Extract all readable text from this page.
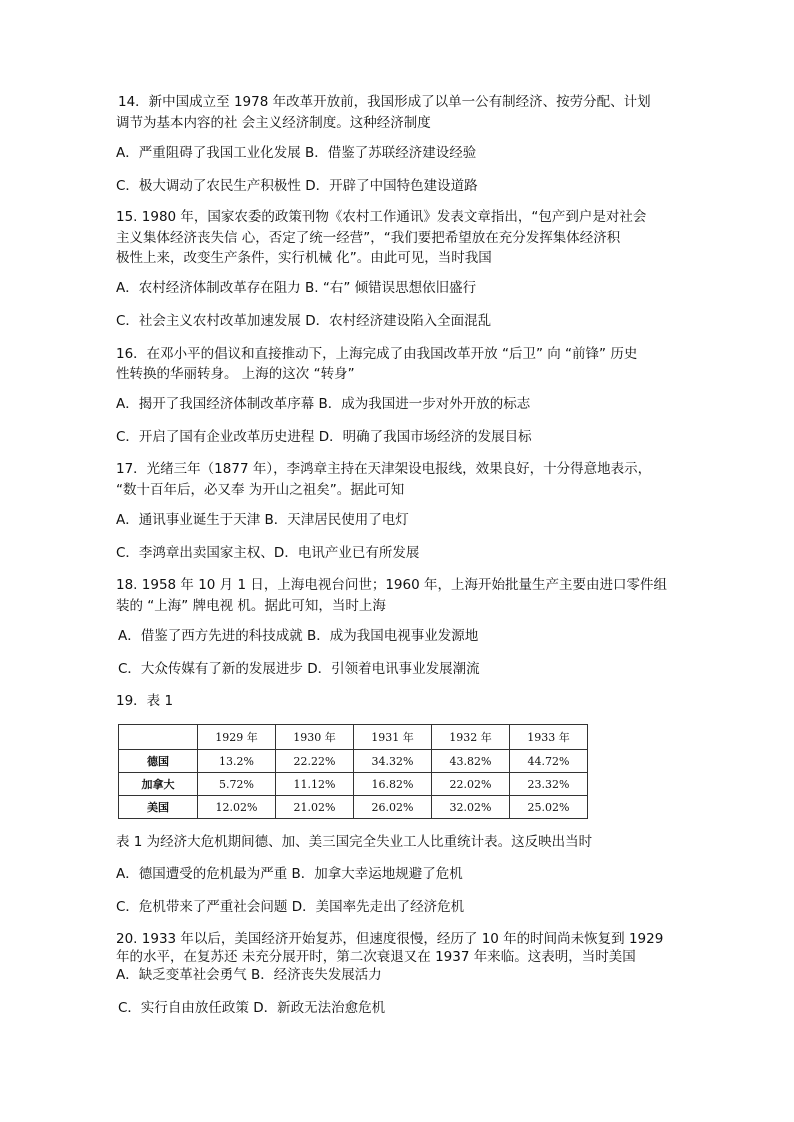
14．新中国成立至 1978 年改革开放前，我国形成了以单一公有制经济、按劳分配、计划
调节为基本内容的社 会主义经济制度。这种经济制度
A．严重阻碍了我国工业化发展 B．借鉴了苏联经济建设经验
C．极大调动了农民生产积极性 D．开辟了中国特色建设道路
15. 1980 年，国家农委的政策刊物《农村工作通讯》发表文章指出，“包产到户是对社会
主义集体经济丧失信 心，否定了统一经营”，“我们要把希望放在充分发挥集体经济积
极性上来，改变生产条件，实行机械 化”。由此可见，当时我国
A．农村经济体制改革存在阻力 B. “右” 倾错误思想依旧盛行
C．社会主义农村改革加速发展 D．农村经济建设陷入全面混乱
16．在邓小平的倡议和直接推动下，上海完成了由我国改革开放 “后卫” 向 “前锋” 历史
性转换的华丽转身。 上海的这次 “转身”
A．揭开了我国经济体制改革序幕 B．成为我国进一步对外开放的标志
C．开启了国有企业改革历史进程 D．明确了我国市场经济的发展目标
17．光绪三年（1877 年），李鸿章主持在天津架设电报线，效果良好，十分得意地表示，
“数十百年后，必又奉 为开山之祖矣”。据此可知
A．通讯事业诞生于天津 B．天津居民使用了电灯
C．李鸿章出卖国家主权、D．电讯产业已有所发展
18. 1958 年 10 月 1 日，上海电视台问世；1960 年，上海开始批量生产主要由进口零件组
装的 “上海” 牌电视 机。据此可知，当时上海
A．借鉴了西方先进的科技成就 B．成为我国电视事业发源地
C．大众传媒有了新的发展进步 D．引领着电讯事业发展潮流
19．表 1
	1929 年	1930 年	1931 年	1932 年	1933 年
德国	13.2%	22.22%	34.32%	43.82%	44.72%
加拿大	5.72%	11.12%	16.82%	22.02%	23.32%
美国	12.02%	21.02%	26.02%	32.02%	25.02%
表 1 为经济大危机期间德、加、美三国完全失业工人比重统计表。这反映出当时
A．德国遭受的危机最为严重 B．加拿大幸运地规避了危机
C．危机带来了严重社会问题 D．美国率先走出了经济危机
20. 1933 年以后，美国经济开始复苏，但速度很慢，经历了 10 年的时间尚未恢复到 1929
年的水平，在复苏还 未充分展开时，第二次衰退又在 1937 年来临。这表明，当时美国
A．缺乏变革社会勇气 B．经济丧失发展活力
C．实行自由放任政策 D．新政无法治愈危机
